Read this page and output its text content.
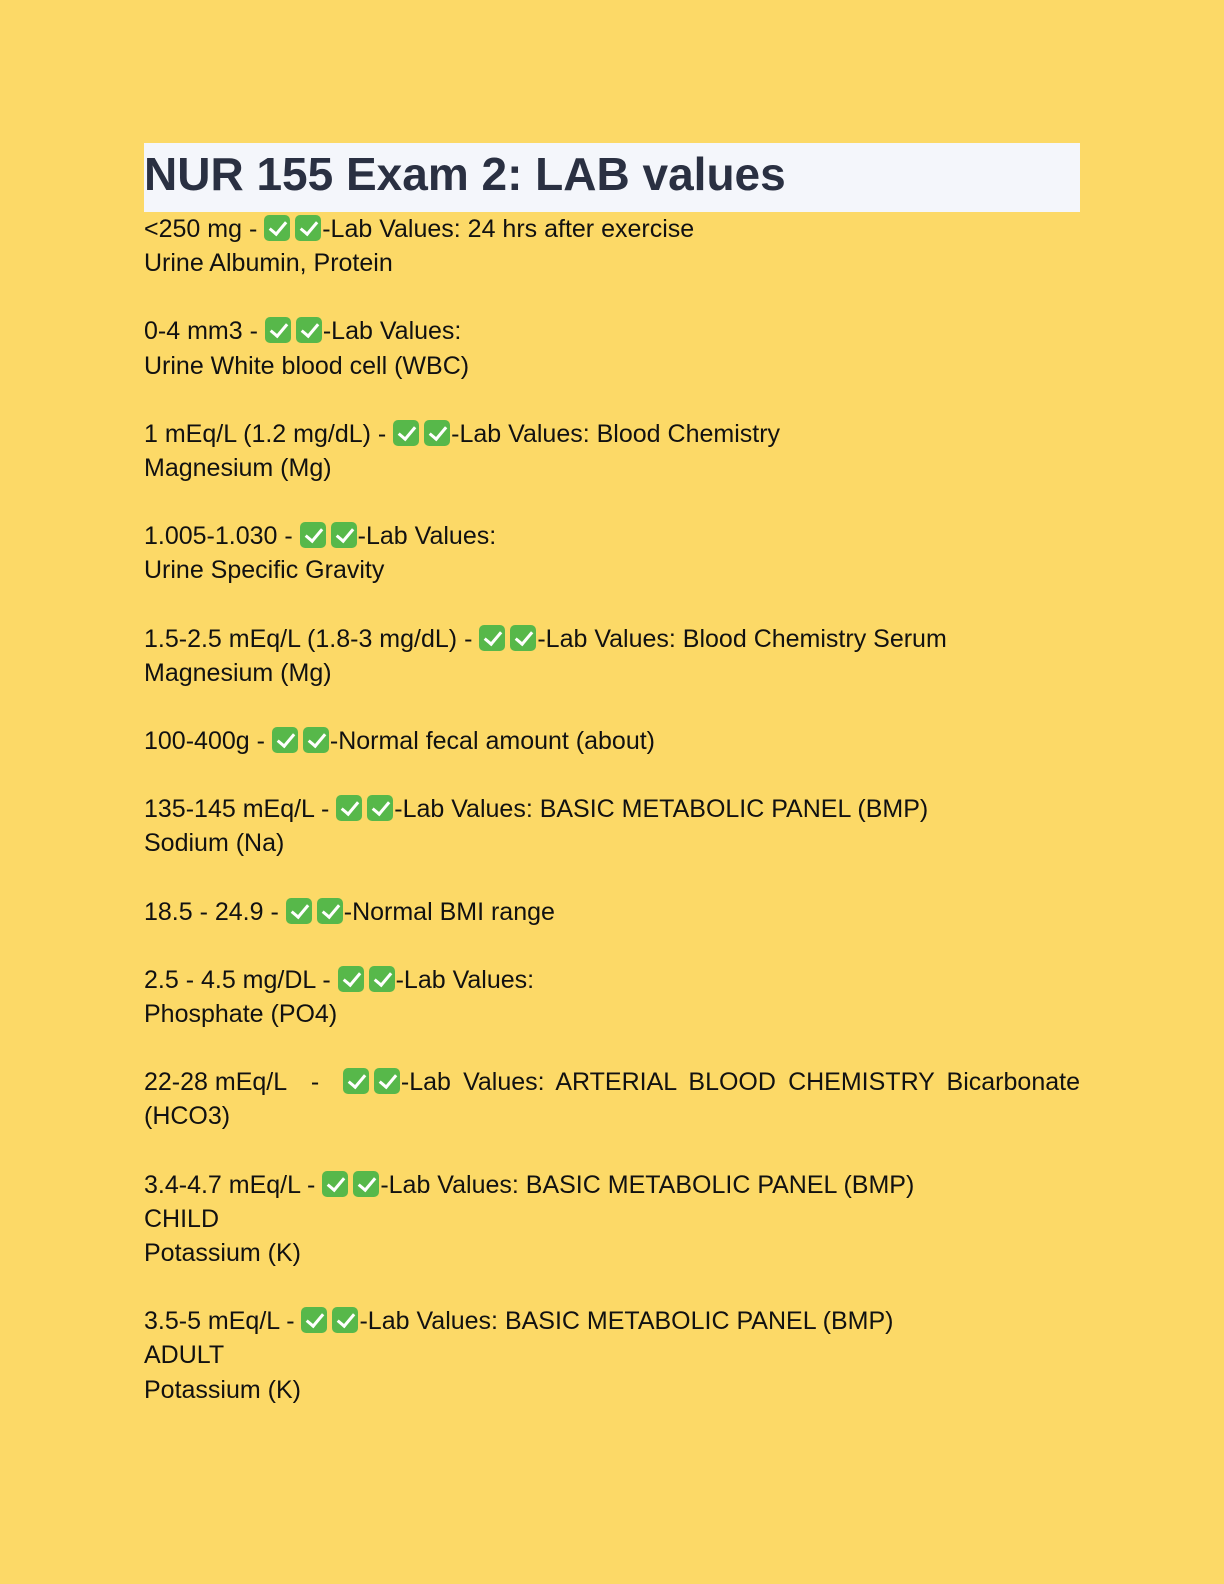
NUR 155 Exam 2: LAB values
<250 mg - -Lab Values: 24 hrs after exercise
Urine Albumin, Protein
0-4 mm3 - -Lab Values:
Urine White blood cell (WBC)
1 mEq/L (1.2 mg/dL) - -Lab Values: Blood Chemistry
Magnesium (Mg)
1.005-1.030 - -Lab Values:
Urine Specific Gravity
1.5-2.5 mEq/L (1.8-3 mg/dL) - -Lab Values: Blood Chemistry Serum
Magnesium (Mg)
100-400g - -Normal fecal amount (about)
135-145 mEq/L - -Lab Values: BASIC METABOLIC PANEL (BMP)
Sodium (Na)
18.5 - 24.9 - -Normal BMI range
2.5 - 4.5 mg/DL - -Lab Values:
Phosphate (PO4)
22-28 mEq/L -	-Lab Values: ARTERIAL BLOOD CHEMISTRY Bicarbonate
(HCO3)
3.4-4.7 mEq/L - -Lab Values: BASIC METABOLIC PANEL (BMP)
CHILD
Potassium (K)
3.5-5 mEq/L - -Lab Values: BASIC METABOLIC PANEL (BMP)
ADULT
Potassium (K)
